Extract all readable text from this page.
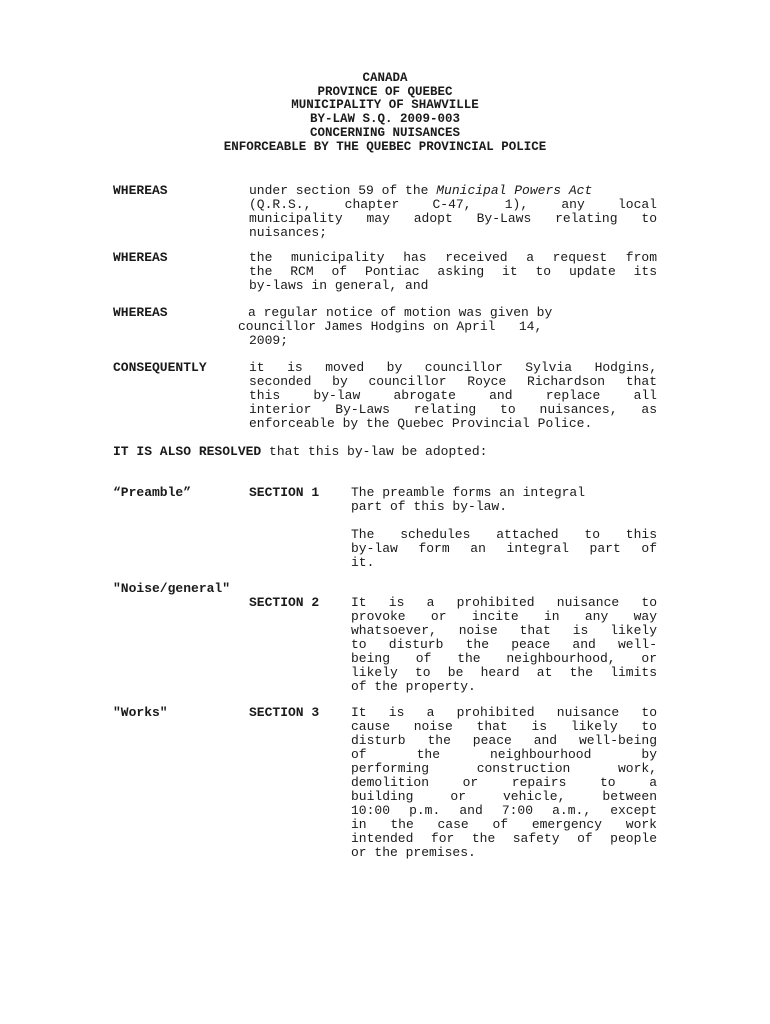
CANADA
PROVINCE OF QUEBEC
MUNICIPALITY OF SHAWVILLE
BY-LAW S.Q. 2009-003
CONCERNING NUISANCES
ENFORCEABLE BY THE QUEBEC PROVINCIAL POLICE
WHEREAS	under section 59 of the Municipal Powers Act
(Q.R.S., chapter C-47, 1), any local
municipality may adopt By-Laws relating to
nuisances;
WHEREAS	the municipality has received a request from
the RCM of Pontiac asking it to update its
by-laws in general, and
WHEREAS	a regular notice of motion was given by
councillor James Hodgins on April   14,
2009;
CONSEQUENTLY	it is moved by councillor Sylvia Hodgins,
seconded by councillor Royce Richardson that
this by-law abrogate and replace all
interior By-Laws relating to nuisances, as
enforceable by the Quebec Provincial Police.
IT IS ALSO RESOLVED that this by-law be adopted:
“Preamble”	SECTION 1 The preamble forms an integral
part of this by-law.
The schedules attached to this
by-law form an integral part of
it.
"Noise/general"
SECTION 2 It is a prohibited nuisance to
provoke or incite in any way
whatsoever, noise that is likely
to disturb the peace and well-
being of the neighbourhood, or
likely to be heard at the limits
of the property.
"Works"	SECTION 3 It is a prohibited nuisance to
cause noise that is likely to
disturb the peace and well-being
of the neighbourhood by
performing construction work,
demolition or repairs to a
building or vehicle, between
10:00 p.m. and 7:00 a.m., except
in the case of emergency work
intended for the safety of people
or the premises.
